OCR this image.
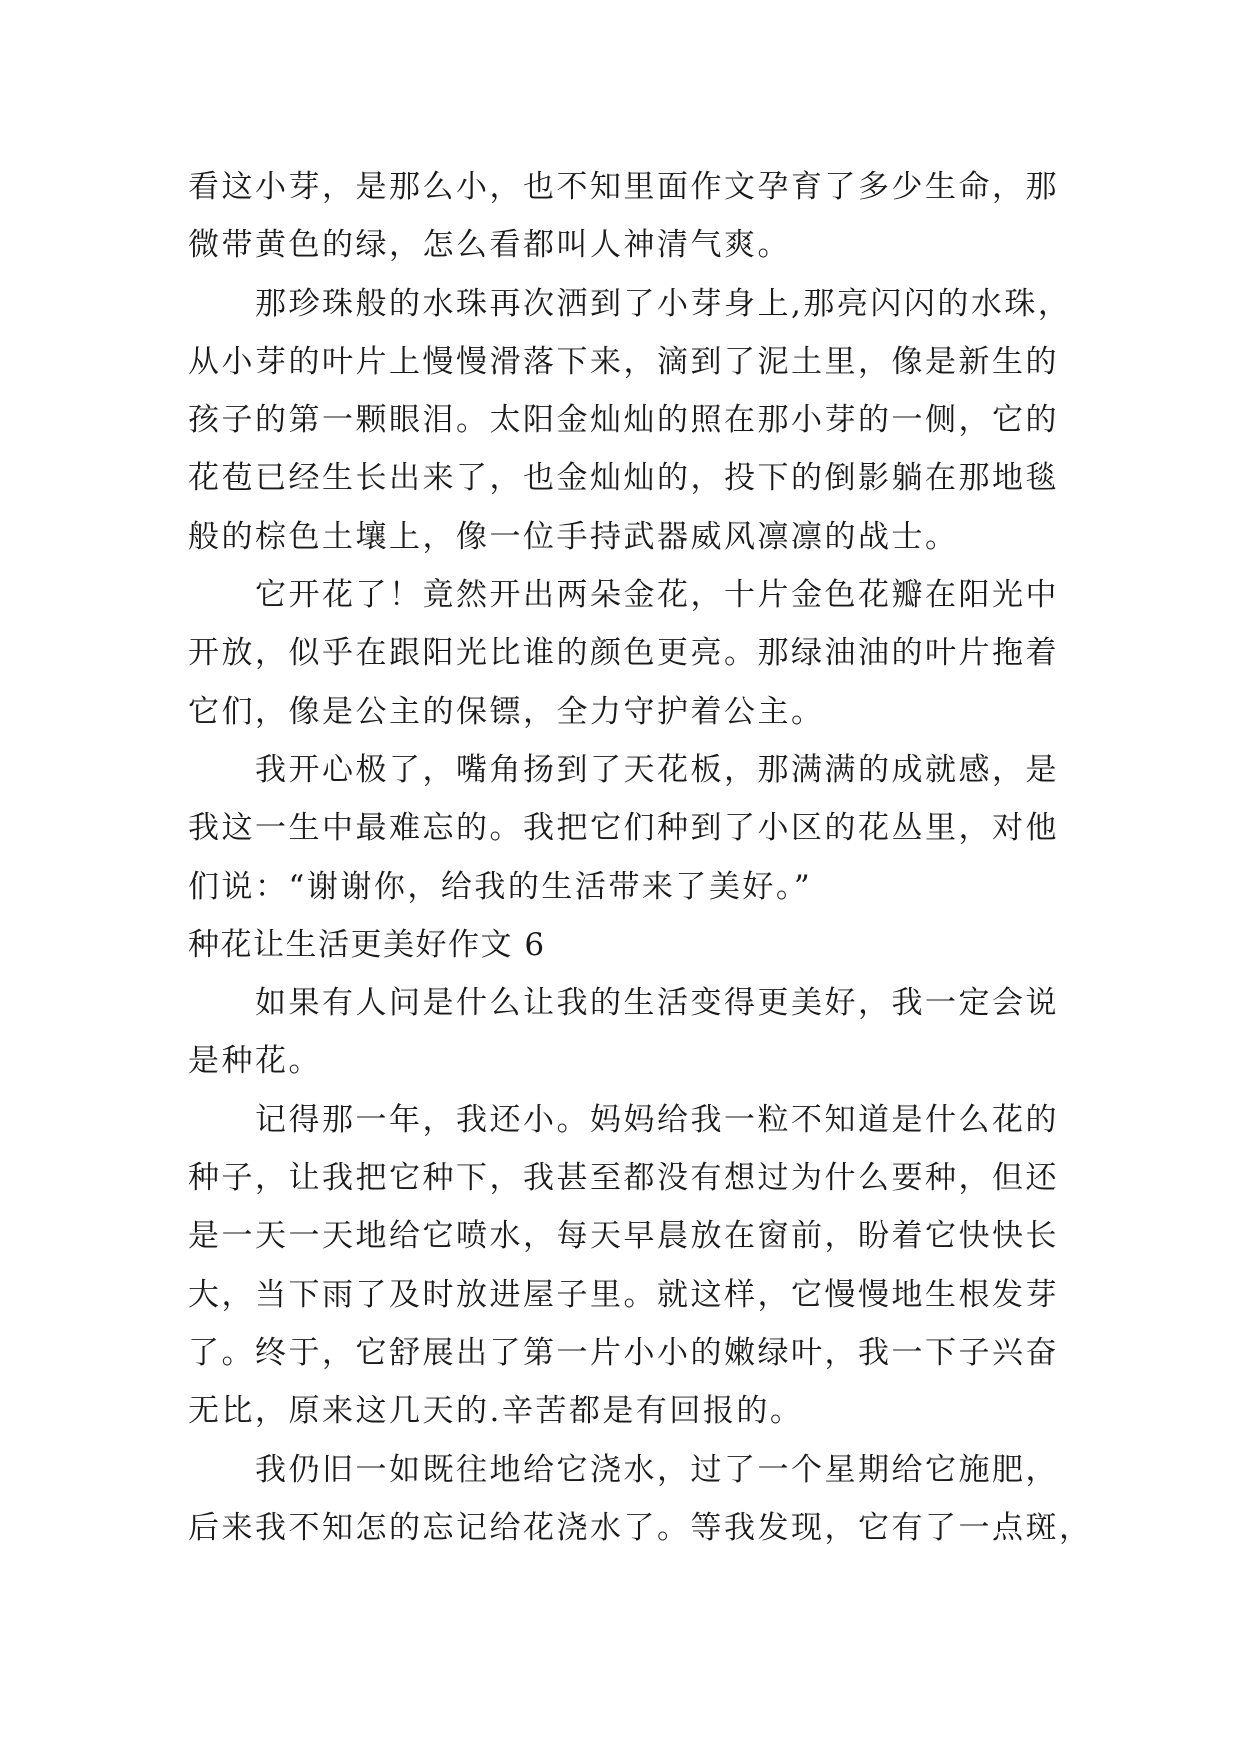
看这小芽，是那么小，也不知里面作文孕育了多少生命，那
微带黄色的绿，怎么看都叫人神清气爽。
那珍珠般的水珠再次洒到了小芽身上,那亮闪闪的水珠，
从小芽的叶片上慢慢滑落下来，滴到了泥土里，像是新生的
孩子的第一颗眼泪。太阳金灿灿的照在那小芽的一侧，它的
花苞已经生长出来了，也金灿灿的，投下的倒影躺在那地毯
般的棕色土壤上，像一位手持武器威风凛凛的战士。
它开花了！竟然开出两朵金花，十片金色花瓣在阳光中
开放，似乎在跟阳光比谁的颜色更亮。那绿油油的叶片拖着
它们，像是公主的保镖，全力守护着公主。
我开心极了，嘴角扬到了天花板，那满满的成就感，是
我这一生中最难忘的。我把它们种到了小区的花丛里，对他
们说：“谢谢你，给我的生活带来了美好。”
种花让生活更美好作文 6
如果有人问是什么让我的生活变得更美好，我一定会说
是种花。
记得那一年，我还小。妈妈给我一粒不知道是什么花的
种子，让我把它种下，我甚至都没有想过为什么要种，但还
是一天一天地给它喷水，每天早晨放在窗前，盼着它快快长
大，当下雨了及时放进屋子里。就这样，它慢慢地生根发芽
了。终于，它舒展出了第一片小小的嫩绿叶，我一下子兴奋
无比，原来这几天的.辛苦都是有回报的。
我仍旧一如既往地给它浇水，过了一个星期给它施肥，
后来我不知怎的忘记给花浇水了。等我发现，它有了一点斑，
